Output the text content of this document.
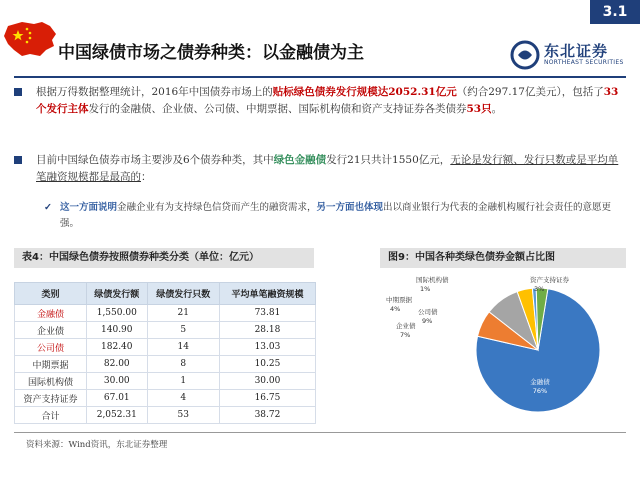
3.1
中国绿债市场之债券种类：以金融债为主	东北证券
NORTHEAST SECURITIES
根据万得数据整理统计，2016年中国债券市场上的贴标绿色债券发行规模达2052.31亿元（约合297.17亿美元），包括了33个发行主体发行的金融债、企业债、公司债、中期票据、国际机构债和资产支持证券各类债券53只。
目前中国绿色债券市场主要涉及6个债券种类，其中绿色金融债发行21只共计1550亿元，无论是发行额、发行只数或是平均单笔融资规模都是最高的：
✓ 这一方面说明金融企业有为支持绿色信贷而产生的融资需求，另一方面也体现出以商业银行为代表的金融机构履行社会责任的意愿更强。
表4：中国绿色债券按照债券种类分类（单位：亿元）	图9：中国各种类绿色债券金额占比图
类别	绿债发行额	绿债发行只数	平均单笔融资规模
金融债	1,550.00	21	73.81
企业债	140.90	5	28.18
公司债	182.40	14	13.03
中期票据	82.00	8	10.25
国际机构债	30.00	1	30.00
资产支持证券	67.01	4	16.75
合计	2,052.31	53	38.72
金融债
76%
企业债
7%
公司债
9%
中期票据
4%
国际机构债
1%
资产支持证券
3%
资料来源：Wind资讯，东北证券整理
